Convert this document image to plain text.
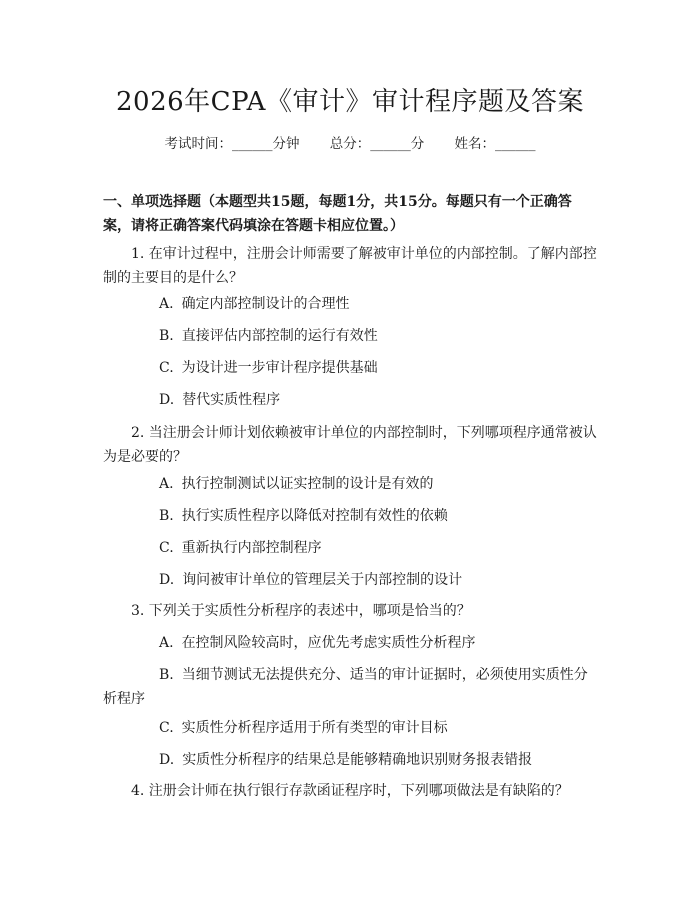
2026年CPA《审计》审计程序题及答案
考试时间：______分钟 总分：______分 姓名：______

一、单项选择题（本题型共15题，每题1分，共15分。每题只有一个正确答案，请将正确答案代码填涂在答题卡相应位置。）

1. 在审计过程中，注册会计师需要了解被审计单位的内部控制。了解内部控制的主要目的是什么？

A. 确定内部控制设计的合理性

B. 直接评估内部控制的运行有效性

C. 为设计进一步审计程序提供基础

D. 替代实质性程序

2. 当注册会计师计划依赖被审计单位的内部控制时，下列哪项程序通常被认为是必要的？

A. 执行控制测试以证实控制的设计是有效的

B. 执行实质性程序以降低对控制有效性的依赖

C. 重新执行内部控制程序

D. 询问被审计单位的管理层关于内部控制的设计

3. 下列关于实质性分析程序的表述中，哪项是恰当的？

A. 在控制风险较高时，应优先考虑实质性分析程序

B. 当细节测试无法提供充分、适当的审计证据时，必须使用实质性分析程序

C. 实质性分析程序适用于所有类型的审计目标

D. 实质性分析程序的结果总是能够精确地识别财务报表错报

4. 注册会计师在执行银行存款函证程序时，下列哪项做法是有缺陷的？
